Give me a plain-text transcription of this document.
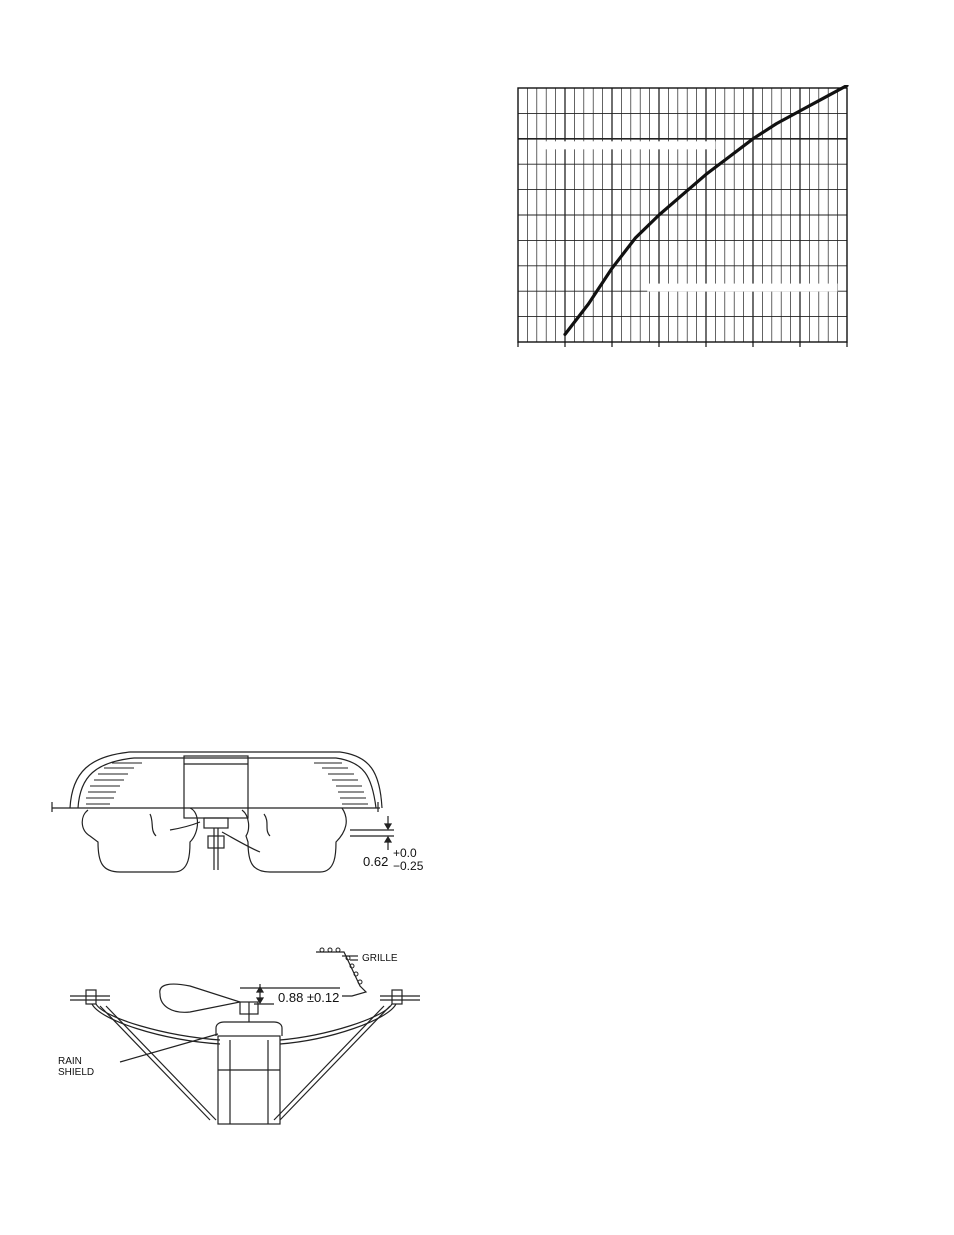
0.62
+0.0
−0.25
0.88 ±0.12
GRILLE
RAIN
SHIELD
